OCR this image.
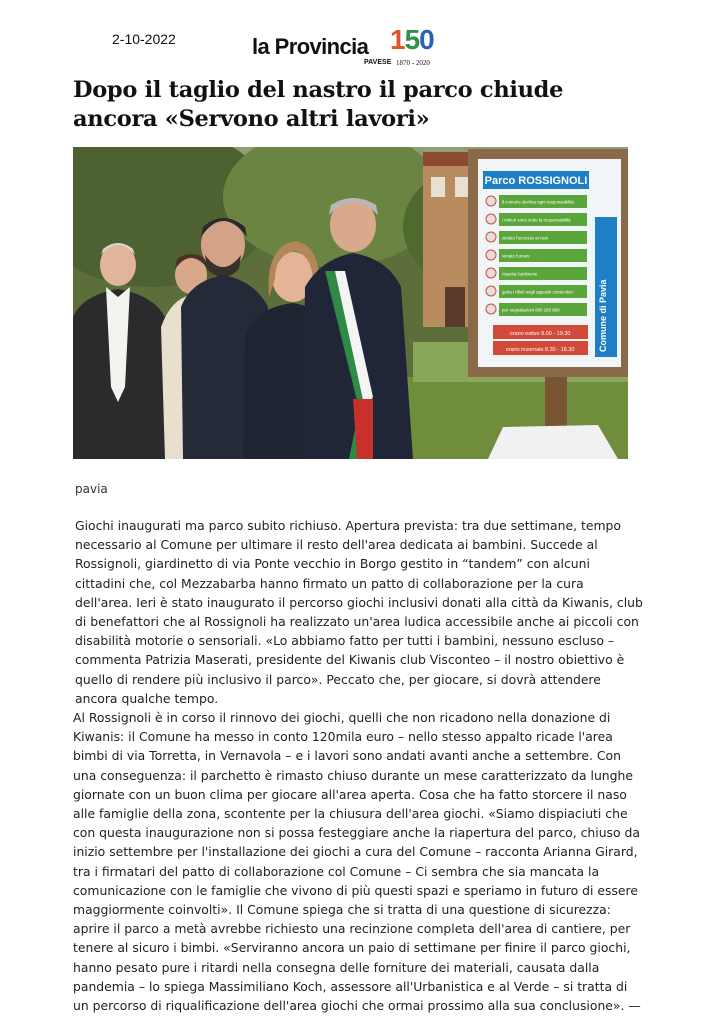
2-10-2022	la Provincia 150
PAVESE 1870 - 2020
Dopo il taglio del nastro il parco chiude ancora «Servono altri lavori»
Parco ROSSIGNOLI
il comune declina ogni responsabilità
i minori sono sotto la responsabilità
vietato l'accesso ai cani
vietato fumare
rispetta l'ambiente
getta i rifiuti negli appositi contenitori
per segnalazioni 800 193 860
orario estivo 8.00 - 19.30
orario invernale 8.30 - 18.30	Comune di Pavia
pavia

Giochi inaugurati ma parco subito richiuso. Apertura prevista: tra due settimane, tempo necessario al Comune per ultimare il resto dell'area dedicata ai bambini. Succede al Rossignoli, giardinetto di via Ponte vecchio in Borgo gestito in “tandem” con alcuni cittadini che, col Mezzabarba hanno firmato un patto di collaborazione per la cura dell'area. Ieri è stato inaugurato il percorso giochi inclusivi donati alla città da Kiwanis, club di benefattori che al Rossignoli ha realizzato un'area ludica accessibile anche ai piccoli con disabilità motorie o sensoriali. «Lo abbiamo fatto per tutti i bambini, nessuno escluso – commenta Patrizia Maserati, presidente del Kiwanis club Visconteo – il nostro obiettivo è quello di rendere più inclusivo il parco». Peccato che, per giocare, si dovrà attendere ancora qualche tempo.

Al Rossignoli è in corso il rinnovo dei giochi, quelli che non ricadono nella donazione di Kiwanis: il Comune ha messo in conto 120mila euro – nello stesso appalto ricade l'area bimbi di via Torretta, in Vernavola – e i lavori sono andati avanti anche a settembre. Con una conseguenza: il parchetto è rimasto chiuso durante un mese caratterizzato da lunghe giornate con un buon clima per giocare all'area aperta. Cosa che ha fatto storcere il naso alle famiglie della zona, scontente per la chiusura dell'area giochi. «Siamo dispiaciuti che con questa inaugurazione non si possa festeggiare anche la riapertura del parco, chiuso da inizio settembre per l'installazione dei giochi a cura del Comune – racconta Arianna Girard, tra i firmatari del patto di collaborazione col Comune – Ci sembra che sia mancata la comunicazione con le famiglie che vivono di più questi spazi e speriamo in futuro di essere maggiormente coinvolti». Il Comune spiega che si tratta di una questione di sicurezza: aprire il parco a metà avrebbe richiesto una recinzione completa dell'area di cantiere, per tenere al sicuro i bimbi. «Serviranno ancora un paio di settimane per finire il parco giochi, hanno pesato pure i ritardi nella consegna delle forniture dei materiali, causata dalla pandemia – lo spiega Massimiliano Koch, assessore all'Urbanistica e al Verde – si tratta di un percorso di riqualificazione dell'area giochi che ormai prossimo alla sua conclusione». —
